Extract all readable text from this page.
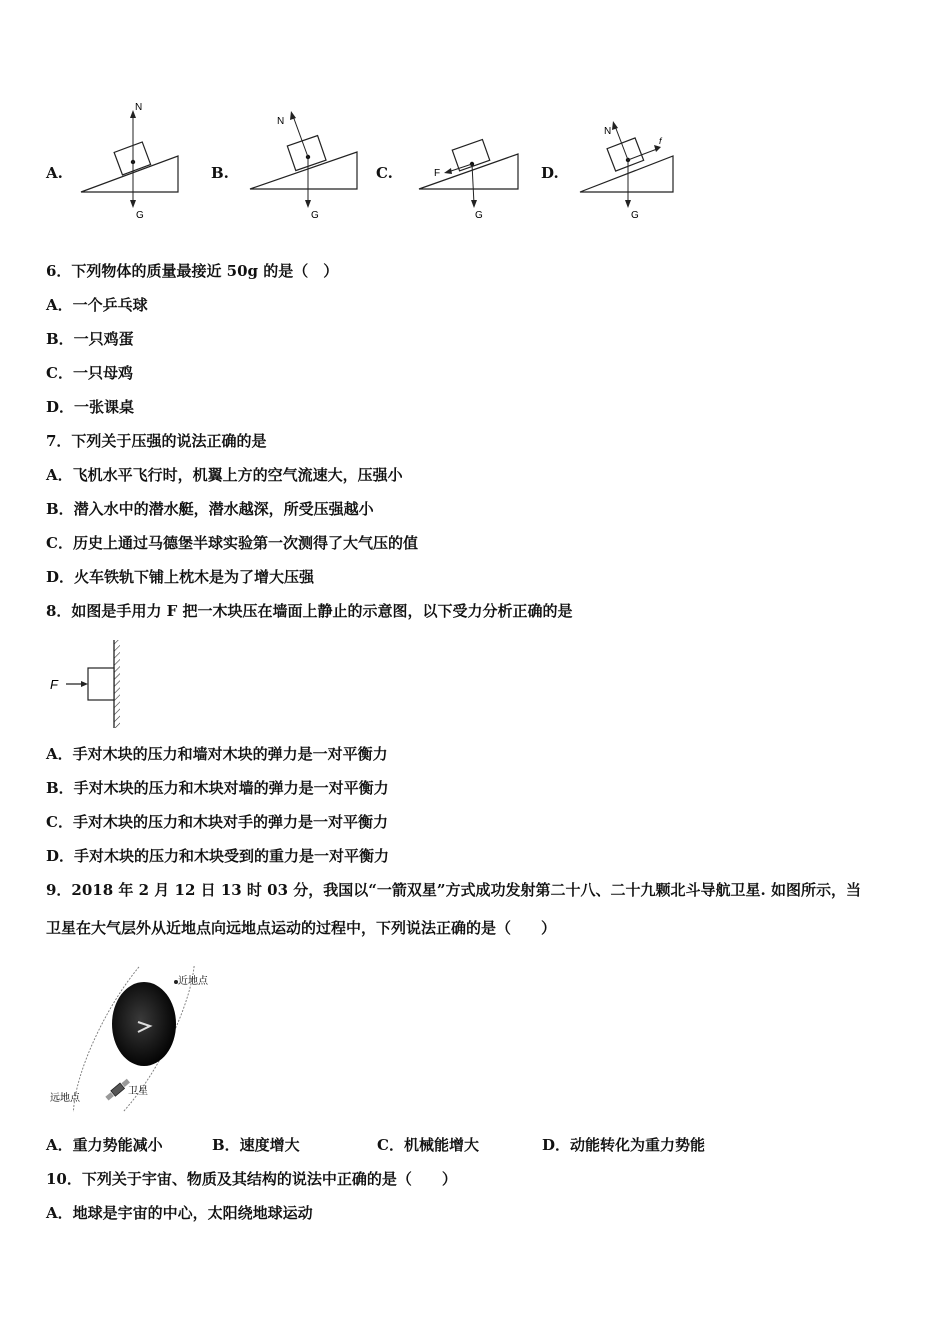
A.	B.	C.	D.
N
G
N
G
F
G
N
f
G
6．下列物体的质量最接近 50g 的是（　）
A．一个乒乓球
B．一只鸡蛋
C．一只母鸡
D．一张课桌
7．下列关于压强的说法正确的是
A．飞机水平飞行时，机翼上方的空气流速大，压强小
B．潜入水中的潜水艇，潜水越深，所受压强越小
C．历史上通过马德堡半球实验第一次测得了大气压的值
D．火车铁轨下铺上枕木是为了增大压强
8．如图是手用力 F 把一木块压在墙面上静止的示意图，以下受力分析正确的是
F
A．手对木块的压力和墙对木块的弹力是一对平衡力
B．手对木块的压力和木块对墙的弹力是一对平衡力
C．手对木块的压力和木块对手的弹力是一对平衡力
D．手对木块的压力和木块受到的重力是一对平衡力
9．2018 年 2 月 12 日 13 时 03 分，我国以“一箭双星”方式成功发射第二十八、二十九颗北斗导航卫星. 如图所示，当
卫星在大气层外从近地点向远地点运动的过程中，下列说法正确的是（　　）
近地点
远地点
卫星
A．重力势能减小	B．速度增大	C．机械能增大	D．动能转化为重力势能
10．下列关于宇宙、物质及其结构的说法中正确的是（　　）
A．地球是宇宙的中心，太阳绕地球运动
